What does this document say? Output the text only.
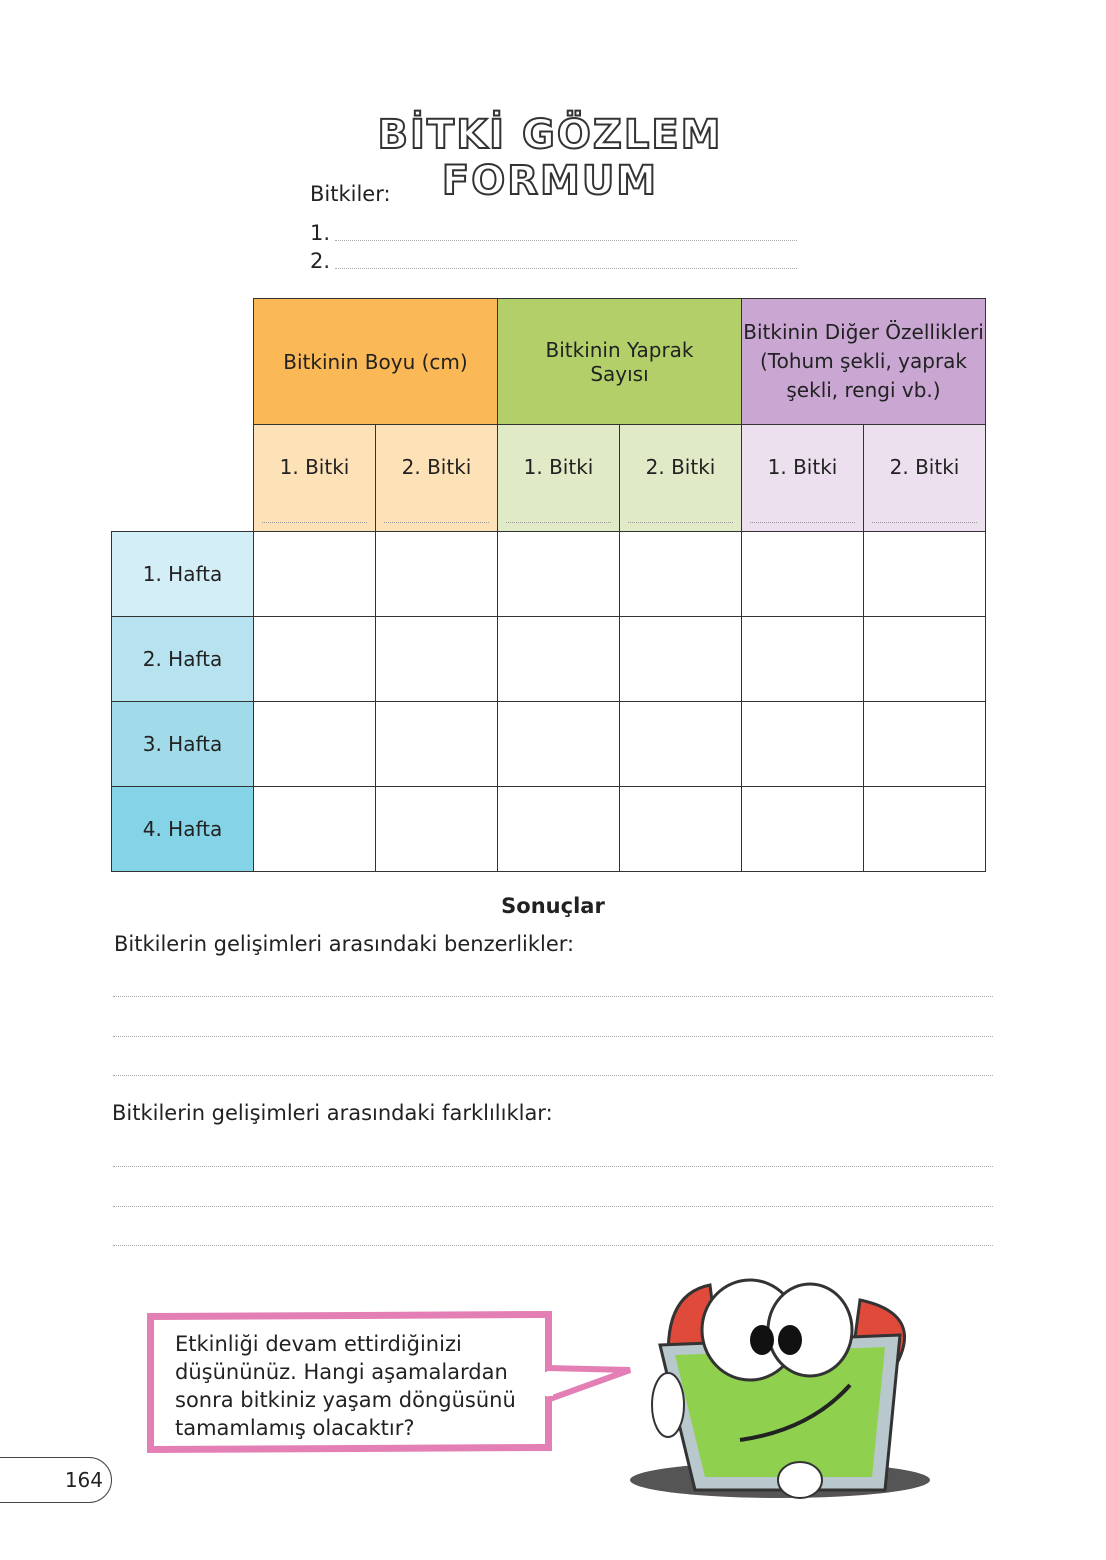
BİTKİ GÖZLEM FORMUM
Bitkiler:
1.
2.
	Bitkinin Boyu (cm)		Bitkinin Yaprak Sayısı		Bitkinin Diğer Özellikleri (Tohum şekli, yaprak şekli, rengi vb.)	
	1. Bitki	2. Bitki	1. Bitki	2. Bitki	1. Bitki	2. Bitki

1. Hafta						
2. Hafta						
3. Hafta						
4. Hafta						
Sonuçlar
Bitkilerin gelişimleri arasındaki benzerlikler:
Bitkilerin gelişimleri arasındaki farklılıklar:
Etkinliği devam ettirdiğinizi düşününüz. Hangi aşamalardan sonra bitkiniz yaşam döngüsünü tamamlamış olacaktır?
164
